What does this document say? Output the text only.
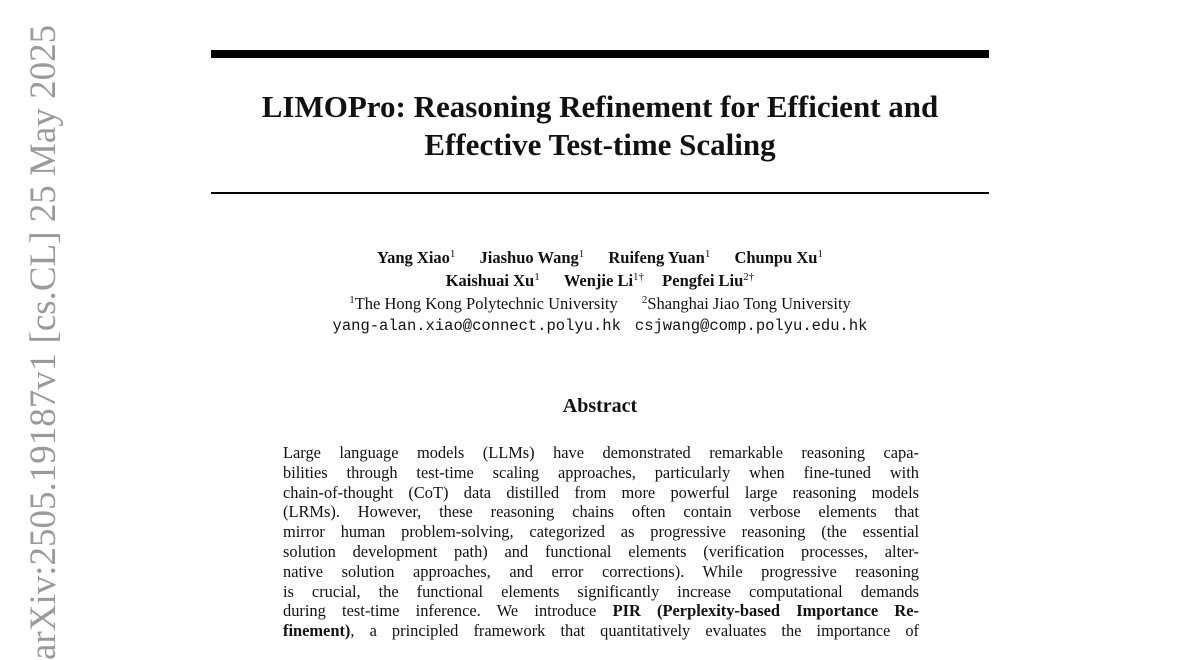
LIMOPro: Reasoning Refinement for Efficient and
Effective Test-time Scaling
Yang Xiao$^1$ Jiashuo Wang$^1$ Ruifeng Yuan$^1$ Chunpu Xu$^1$
Kaishuai Xu$^1$ Wenjie $Li^{1\dagger}$ Pengfei Liu$^{2\dagger}$
$^1$The Hong Kong Polytechnic University $^2$Shanghai Jiao Tong University
yang-alan.xiao@connect.polyu.hk csjwang@comp.polyu.edu.hk
Abstract
Large language models (LLMs) have demonstrated remarkable reasoning capa-
bilities through test-time scaling approaches, particularly when fine-tuned with
chain-of-thought (CoT) data distilled from more powerful large reasoning models
(LRMs). However, these reasoning chains often contain verbose elements that
mirror human problem-solving, categorized as progressive reasoning (the essential
solution development path) and functional elements (verification processes, alter-
native solution approaches, and error corrections). While progressive reasoning
is crucial, the functional elements significantly increase computational demands
during test-time inference. We introduce PIR (Perplexity-based Importance Re-
finement), a principled framework that quantitatively evaluates the importance of
arXiv:2505.19187v1 [cs.CL] 25 May 2025
